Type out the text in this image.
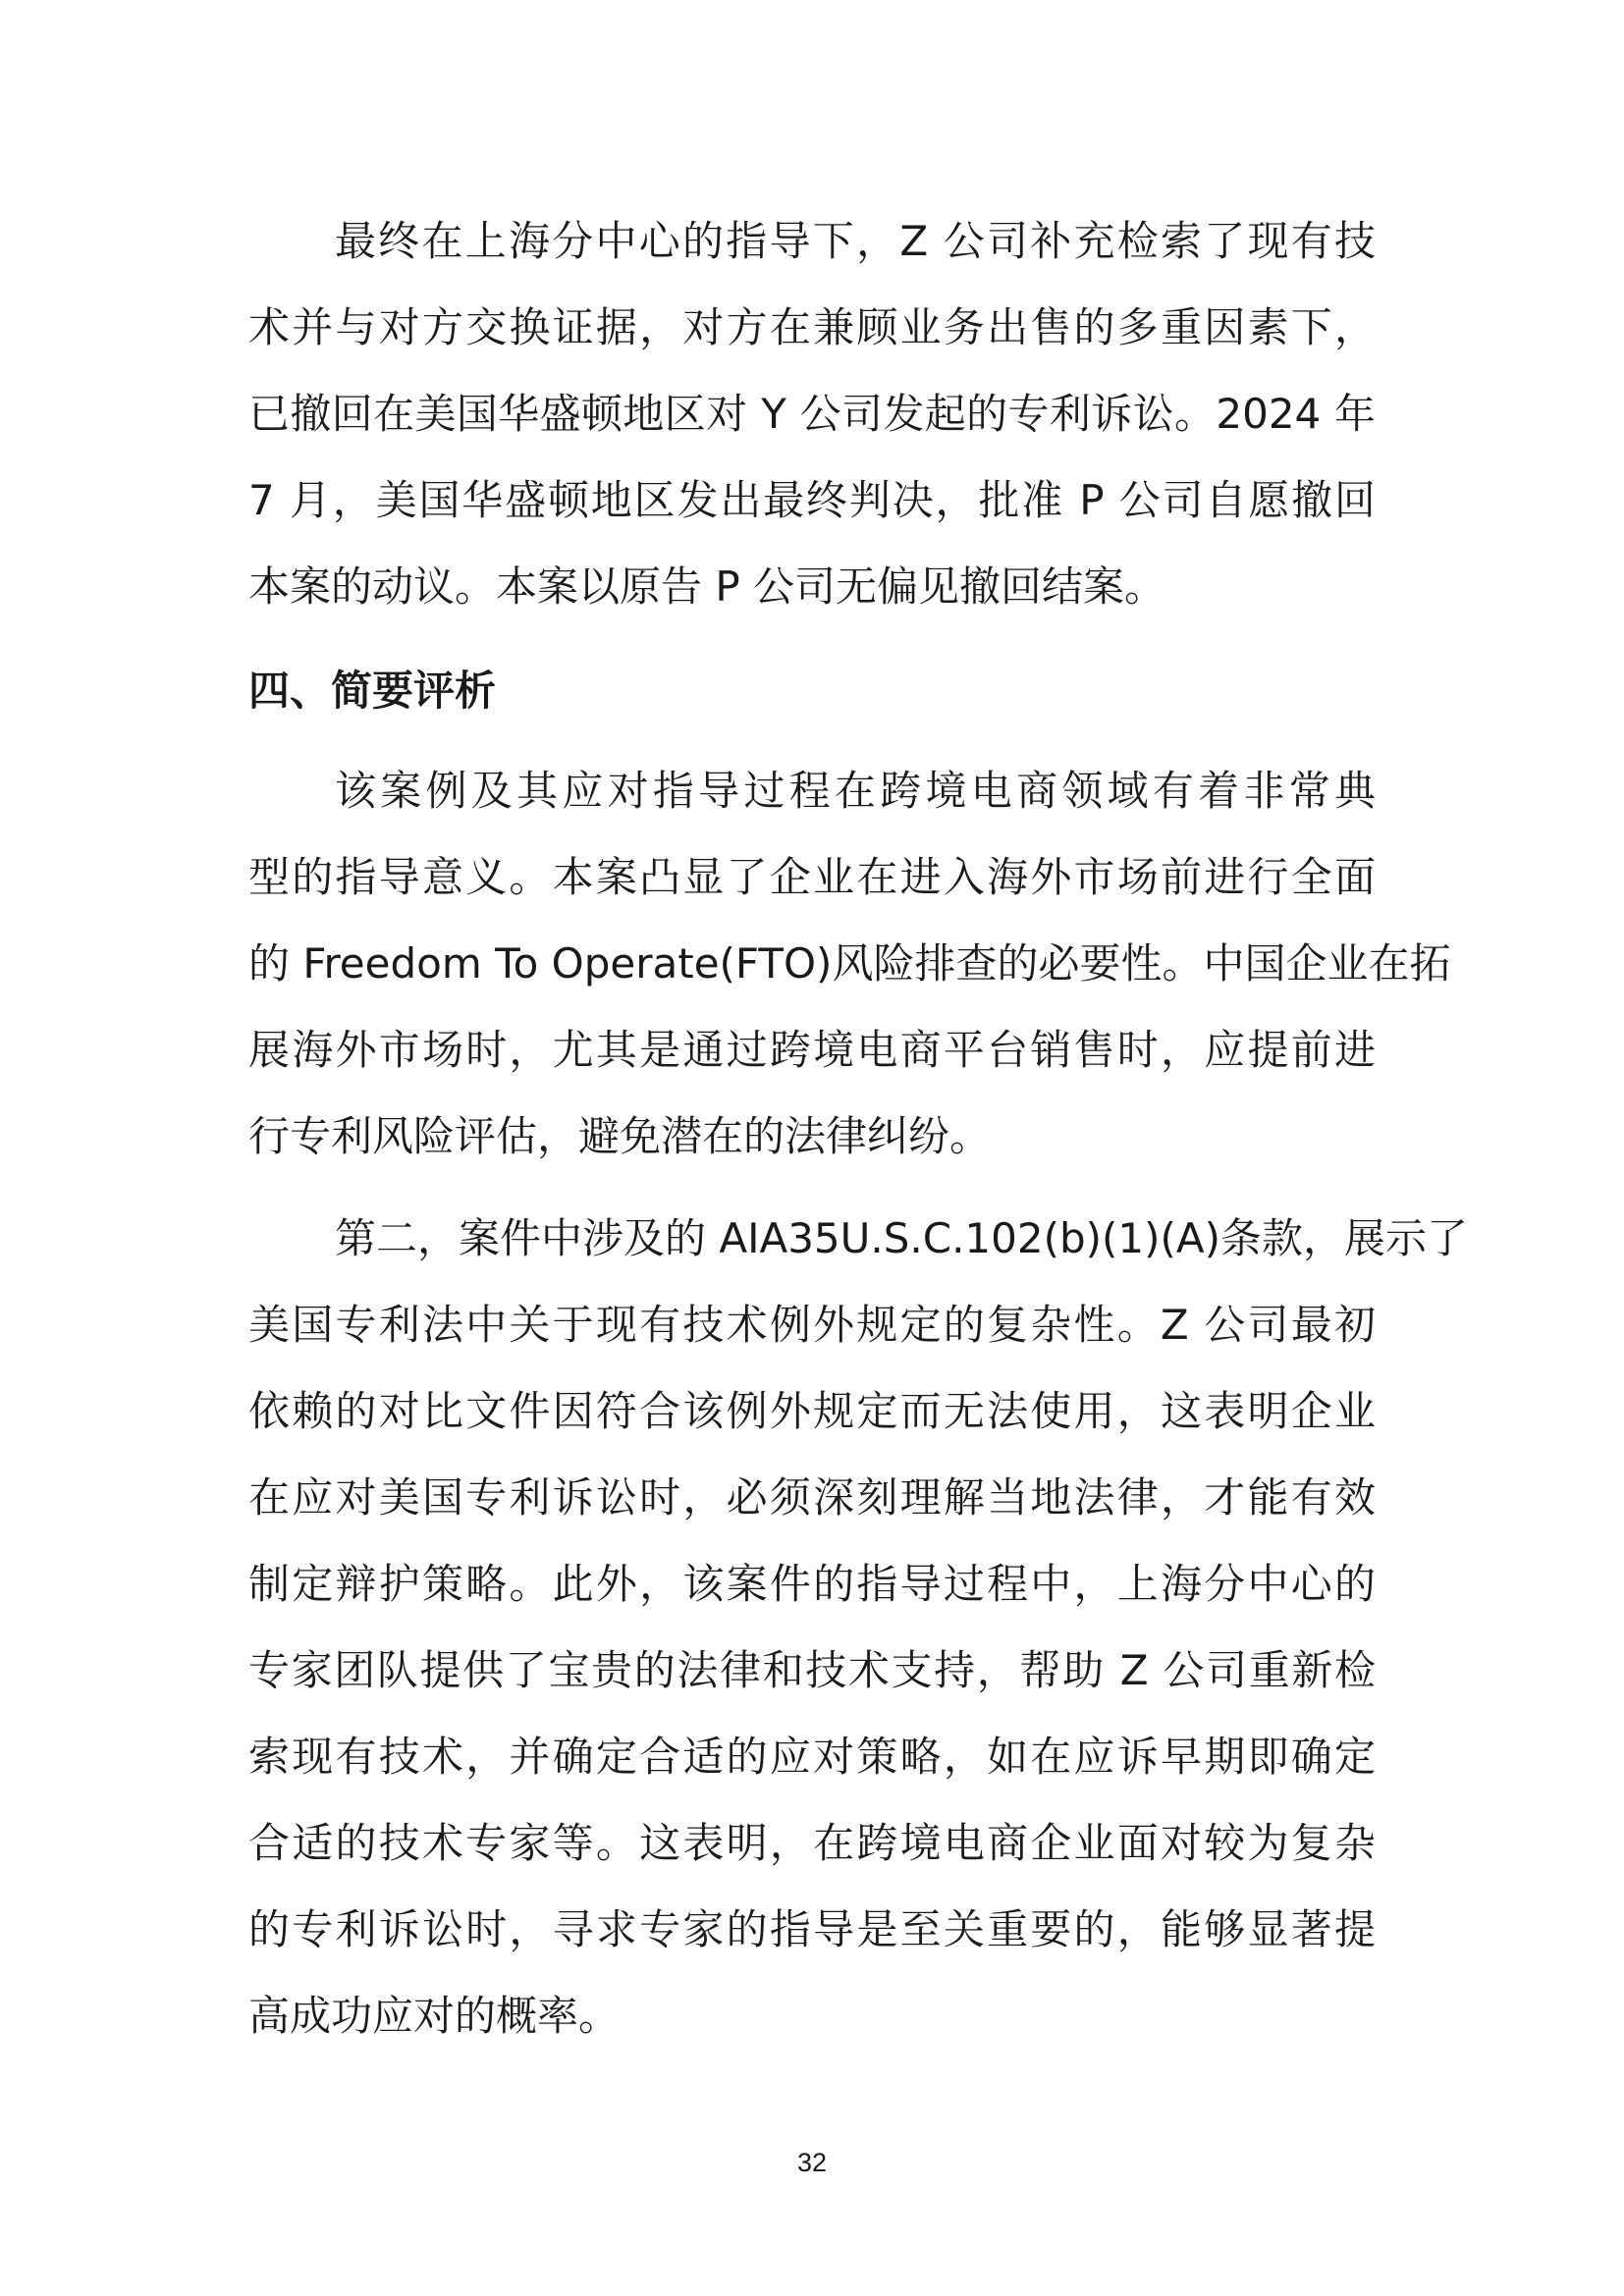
最终在上海分中心的指导下，Z 公司补充检索了现有技
术并与对方交换证据，对方在兼顾业务出售的多重因素下，
已撤回在美国华盛顿地区对 Y 公司发起的专利诉讼。2024 年
7 月，美国华盛顿地区发出最终判决，批准 P 公司自愿撤回
本案的动议。本案以原告 P 公司无偏见撤回结案。
四、简要评析
该案例及其应对指导过程在跨境电商领域有着非常典
型的指导意义。本案凸显了企业在进入海外市场前进行全面
的 Freedom To Operate(FTO)风险排查的必要性。中国企业在拓
展海外市场时，尤其是通过跨境电商平台销售时，应提前进
行专利风险评估，避免潜在的法律纠纷。
第二，案件中涉及的 AIA35U.S.C.102(b)(1)(A)条款，展示了
美国专利法中关于现有技术例外规定的复杂性。Z 公司最初
依赖的对比文件因符合该例外规定而无法使用，这表明企业
在应对美国专利诉讼时，必须深刻理解当地法律，才能有效
制定辩护策略。此外，该案件的指导过程中，上海分中心的
专家团队提供了宝贵的法律和技术支持，帮助 Z 公司重新检
索现有技术，并确定合适的应对策略，如在应诉早期即确定
合适的技术专家等。这表明，在跨境电商企业面对较为复杂
的专利诉讼时，寻求专家的指导是至关重要的，能够显著提
高成功应对的概率。
32
